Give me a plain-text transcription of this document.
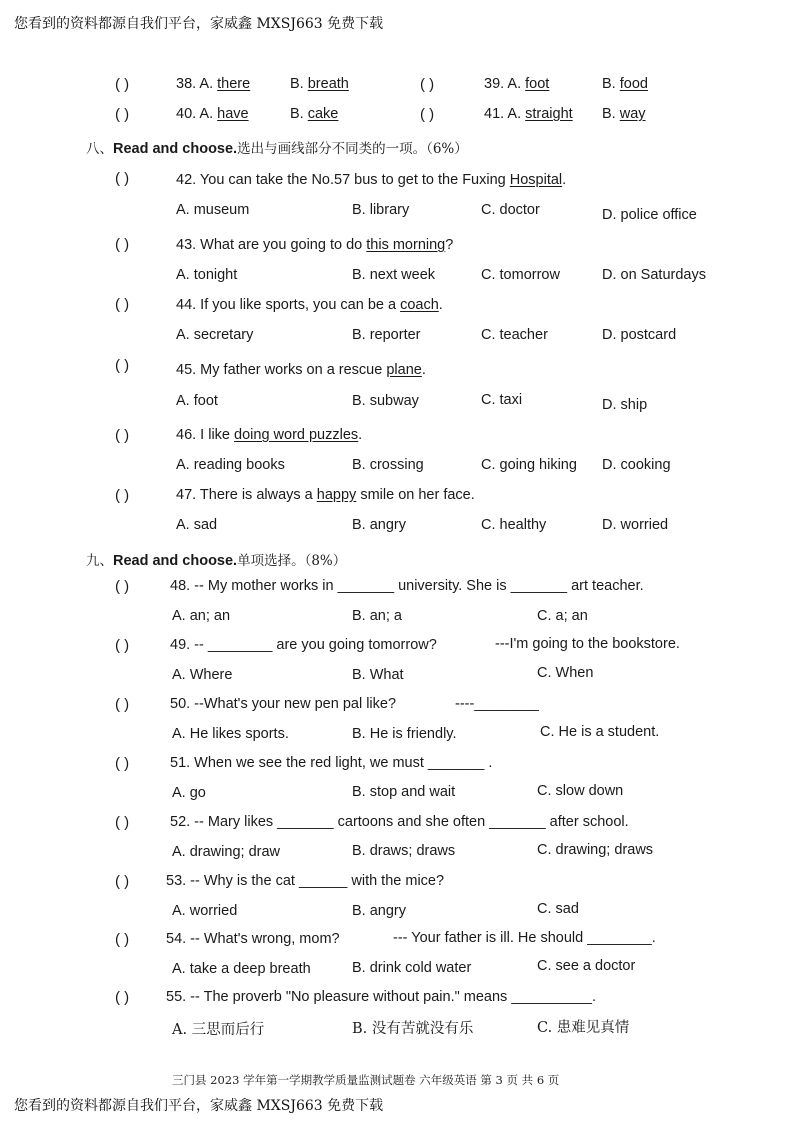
您看到的资料都源自我们平台，家威鑫 MXSJ663 免费下载
( )	38. A. there	B. breath	( )	39. A. foot	B. food
( )	40. A. have	B. cake	( )	41. A. straight B. way
八、Read and choose.选出与画线部分不同类的一项。（6%）
( )	42. You can take the No.57 bus to get to the Fuxing Hospital.
A. museum	B. library	C. doctor	D. police office
( )	43. What are you going to do this morning?
A. tonight	B. next week	C. tomorrow	D. on Saturdays
( )	44. If you like sports, you can be a coach.
A. secretary	B. reporter	C. teacher	D. postcard
( )	45. My father works on a rescue plane.
A. foot	B. subway	C. taxi	D. ship
( )	46. I like doing word puzzles.
A. reading books	B. crossing	C. going hiking D. cooking
( )	47. There is always a happy smile on her face.
A. sad	B. angry	C. healthy	D. worried
九、Read and choose.单项选择。（8%）
( )	48. -- My mother works in _______ university. She is _______ art teacher.
A. an; an	B. an; a	C. a; an
( )	49. -- ________ are you going tomorrow?	---I'm going to the bookstore.
A. Where	B. What	C. When
( )	50. --What's your new pen pal like?	----________
A. He likes sports.	B. He is friendly.	C. He is a student.
( )	51. When we see the red light, we must _______ .
A. go	B. stop and wait	C. slow down
( )	52. -- Mary likes _______ cartoons and she often _______ after school.
A. drawing; draw	B. draws; draws	C. drawing; draws
( )	53. -- Why is the cat ______ with the mice?
A. worried	B. angry	C. sad
( )	54. -- What's wrong, mom?	--- Your father is ill. He should ________.
A. take a deep breath	B. drink cold water	C. see a doctor
( )	55. -- The proverb "No pleasure without pain." means __________.
A. 三思而后行	B. 没有苦就没有乐	C. 患难见真情
三门县 2023 学年第一学期教学质量监测试题卷 六年级英语 第 3 页 共 6 页
您看到的资料都源自我们平台，家威鑫 MXSJ663 免费下载
